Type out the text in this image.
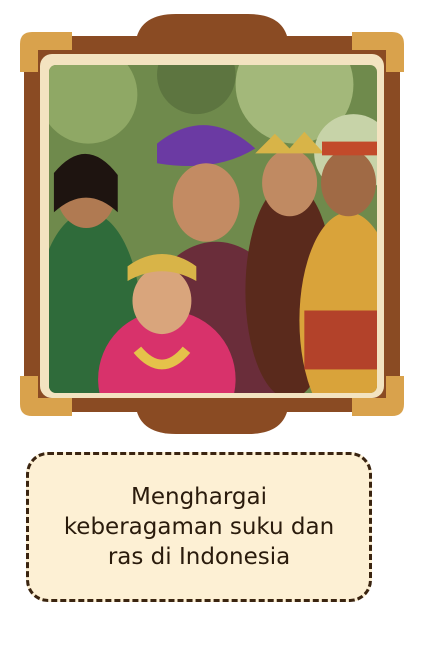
Menghargai
keberagaman suku dan
ras di Indonesia
